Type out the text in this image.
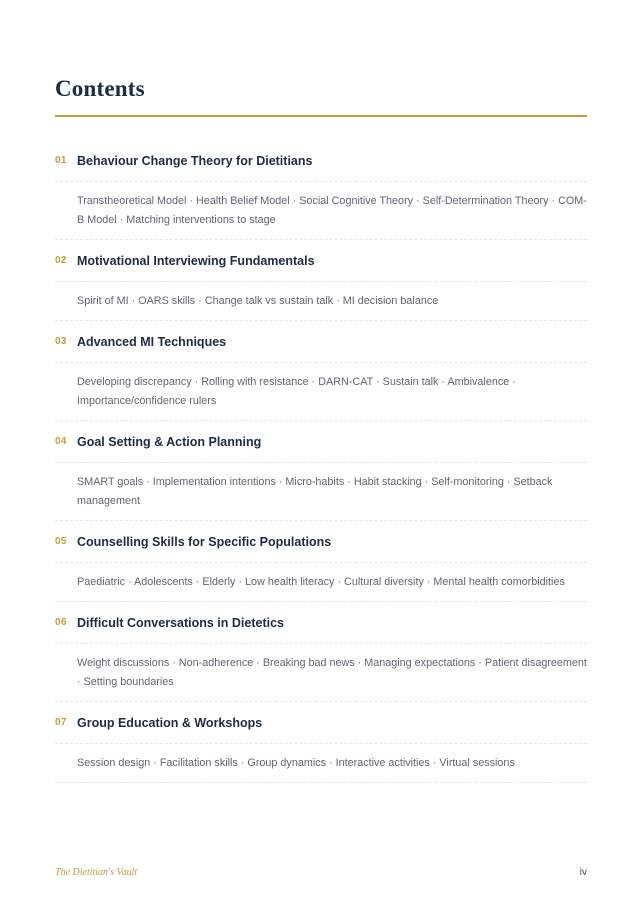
Contents
01 Behaviour Change Theory for Dietitians
Transtheoretical Model · Health Belief Model · Social Cognitive Theory · Self-Determination Theory · COM-B Model · Matching interventions to stage
02 Motivational Interviewing Fundamentals
Spirit of MI · OARS skills · Change talk vs sustain talk · MI decision balance
03 Advanced MI Techniques
Developing discrepancy · Rolling with resistance · DARN-CAT · Sustain talk · Ambivalence · Importance/confidence rulers
04 Goal Setting & Action Planning
SMART goals · Implementation intentions · Micro-habits · Habit stacking · Self-monitoring · Setback management
05 Counselling Skills for Specific Populations
Paediatric · Adolescents · Elderly · Low health literacy · Cultural diversity · Mental health comorbidities
06 Difficult Conversations in Dietetics
Weight discussions · Non-adherence · Breaking bad news · Managing expectations · Patient disagreement · Setting boundaries
07 Group Education & Workshops
Session design · Facilitation skills · Group dynamics · Interactive activities · Virtual sessions
The Dietitian's Vault	iv
